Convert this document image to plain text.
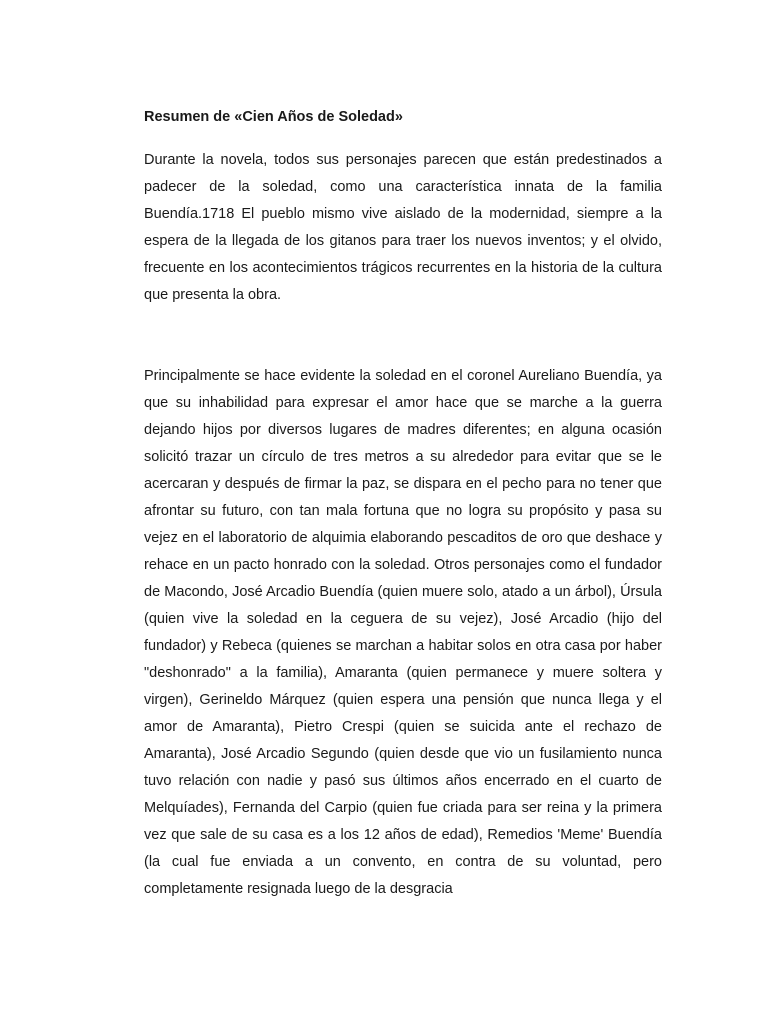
Resumen de «Cien Años de Soledad»

Durante la novela, todos sus personajes parecen que están predestinados a padecer de la soledad, como una característica innata de la familia Buendía.1718 El pueblo mismo vive aislado de la modernidad, siempre a la espera de la llegada de los gitanos para traer los nuevos inventos; y el olvido, frecuente en los acontecimientos trágicos recurrentes en la historia de la cultura que presenta la obra.

Principalmente se hace evidente la soledad en el coronel Aureliano Buendía, ya que su inhabilidad para expresar el amor hace que se marche a la guerra dejando hijos por diversos lugares de madres diferentes; en alguna ocasión solicitó trazar un círculo de tres metros a su alrededor para evitar que se le acercaran y después de firmar la paz, se dispara en el pecho para no tener que afrontar su futuro, con tan mala fortuna que no logra su propósito y pasa su vejez en el laboratorio de alquimia elaborando pescaditos de oro que deshace y rehace en un pacto honrado con la soledad. Otros personajes como el fundador de Macondo, José Arcadio Buendía (quien muere solo, atado a un árbol), Úrsula (quien vive la soledad en la ceguera de su vejez), José Arcadio (hijo del fundador) y Rebeca (quienes se marchan a habitar solos en otra casa por haber "deshonrado" a la familia), Amaranta (quien permanece y muere soltera y virgen), Gerineldo Márquez (quien espera una pensión que nunca llega y el amor de Amaranta), Pietro Crespi (quien se suicida ante el rechazo de Amaranta), José Arcadio Segundo (quien desde que vio un fusilamiento nunca tuvo relación con nadie y pasó sus últimos años encerrado en el cuarto de Melquíades), Fernanda del Carpio (quien fue criada para ser reina y la primera vez que sale de su casa es a los 12 años de edad), Remedios 'Meme' Buendía (la cual fue enviada a un convento, en contra de su voluntad, pero completamente resignada luego de la desgracia
